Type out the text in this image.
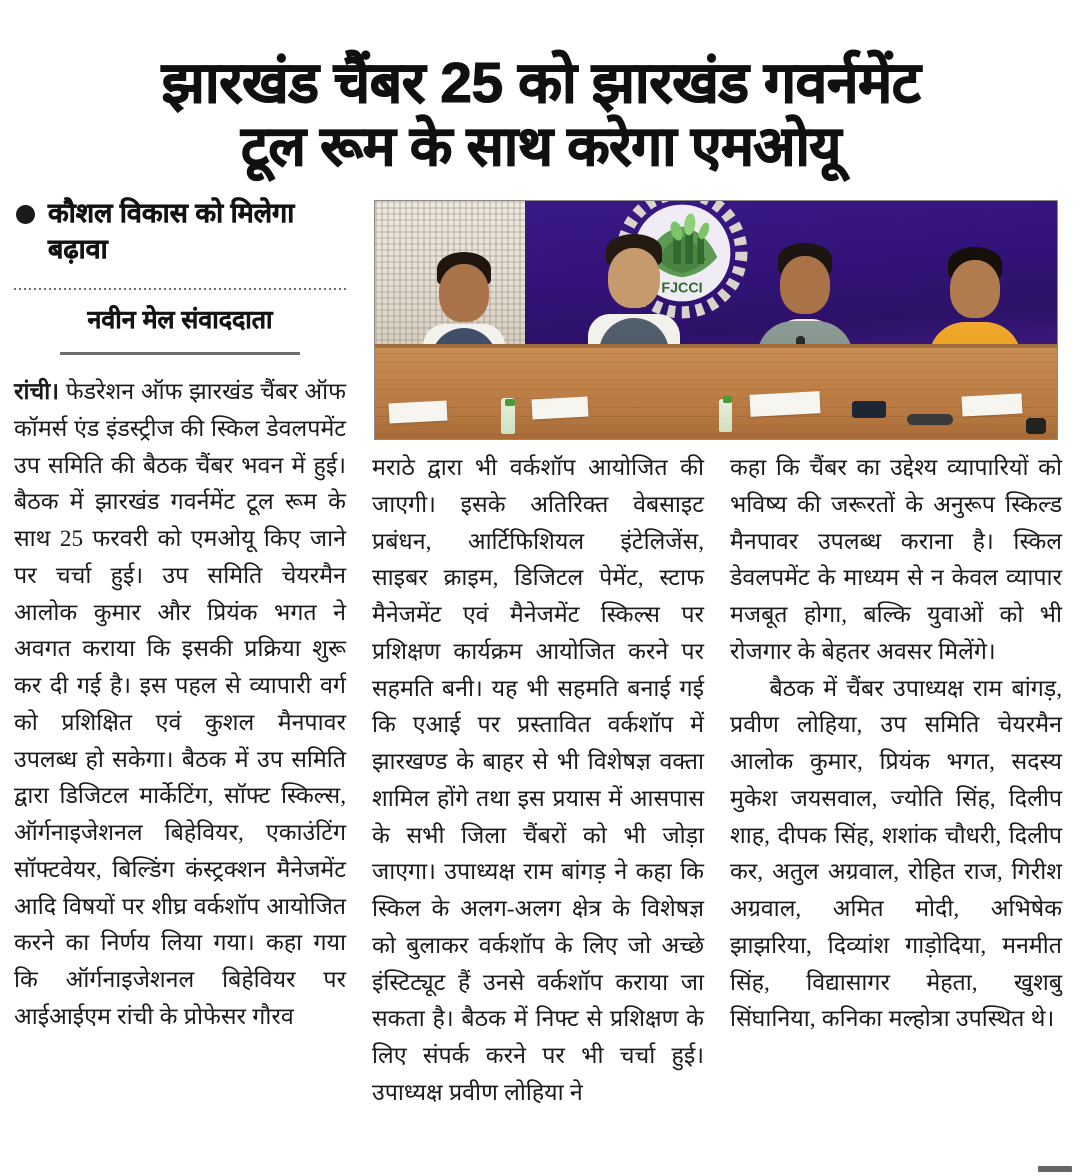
झारखंड चैंबर 25 को झारखंड गवर्नमेंट
टूल रूम के साथ करेगा एमओयू
कौशल विकास को मिलेगा बढ़ावा
नवीन मेल संवाददाता
FJCCI

रांची। फेडरेशन ऑफ झारखंड चैंबर ऑफ कॉमर्स एंड इंडस्ट्रीज की स्किल डेवलपमेंट उप समिति की बैठक चैंबर भवन में हुई। बैठक में झारखंड गवर्नमेंट टूल रूम के साथ 25 फरवरी को एमओयू किए जाने पर चर्चा हुई। उप समिति चेयरमैन आलोक कुमार और प्रियंक भगत ने अवगत कराया कि इसकी प्रक्रिया शुरू कर दी गई है। इस पहल से व्यापारी वर्ग को प्रशिक्षित एवं कुशल मैनपावर उपलब्ध हो सकेगा। बैठक में उप समिति द्वारा डिजिटल मार्केटिंग, सॉफ्ट स्किल्स, ऑर्गनाइजेशनल बिहेवियर, एकाउंटिंग सॉफ्टवेयर, बिल्डिंग कंस्ट्रक्शन मैनेजमेंट आदि विषयों पर शीघ्र वर्कशॉप आयोजित करने का निर्णय लिया गया। कहा गया कि ऑर्गनाइजेशनल बिहेवियर पर आईआईएम रांची के प्रोफेसर गौरव

मराठे द्वारा भी वर्कशॉप आयोजित की जाएगी। इसके अतिरिक्त वेबसाइट प्रबंधन, आर्टिफिशियल इंटेलिजेंस, साइबर क्राइम, डिजिटल पेमेंट, स्टाफ मैनेजमेंट एवं मैनेजमेंट स्किल्स पर प्रशिक्षण कार्यक्रम आयोजित करने पर सहमति बनी। यह भी सहमति बनाई गई कि एआई पर प्रस्तावित वर्कशॉप में झारखण्ड के बाहर से भी विशेषज्ञ वक्ता शामिल होंगे तथा इस प्रयास में आसपास के सभी जिला चैंबरों को भी जोड़ा जाएगा। उपाध्यक्ष राम बांगड़ ने कहा कि स्किल के अलग-अलग क्षेत्र के विशेषज्ञ को बुलाकर वर्कशॉप के लिए जो अच्छे इंस्टिट्यूट हैं उनसे वर्कशॉप कराया जा सकता है। बैठक में निफ्ट से प्रशिक्षण के लिए संपर्क करने पर भी चर्चा हुई। उपाध्यक्ष प्रवीण लोहिया ने

कहा कि चैंबर का उद्देश्य व्यापारियों को भविष्य की जरूरतों के अनुरूप स्किल्ड मैनपावर उपलब्ध कराना है। स्किल डेवलपमेंट के माध्यम से न केवल व्यापार मजबूत होगा, बल्कि युवाओं को भी रोजगार के बेहतर अवसर मिलेंगे।

बैठक में चैंबर उपाध्यक्ष राम बांगड़, प्रवीण लोहिया, उप समिति चेयरमैन आलोक कुमार, प्रियंक भगत, सदस्य मुकेश जयसवाल, ज्योति सिंह, दिलीप शाह, दीपक सिंह, शशांक चौधरी, दिलीप कर, अतुल अग्रवाल, रोहित राज, गिरीश अग्रवाल, अमित मोदी, अभिषेक झाझरिया, दिव्यांश गाड़ोदिया, मनमीत सिंह, विद्यासागर मेहता, खुशबु सिंघानिया, कनिका मल्होत्रा उपस्थित थे।
